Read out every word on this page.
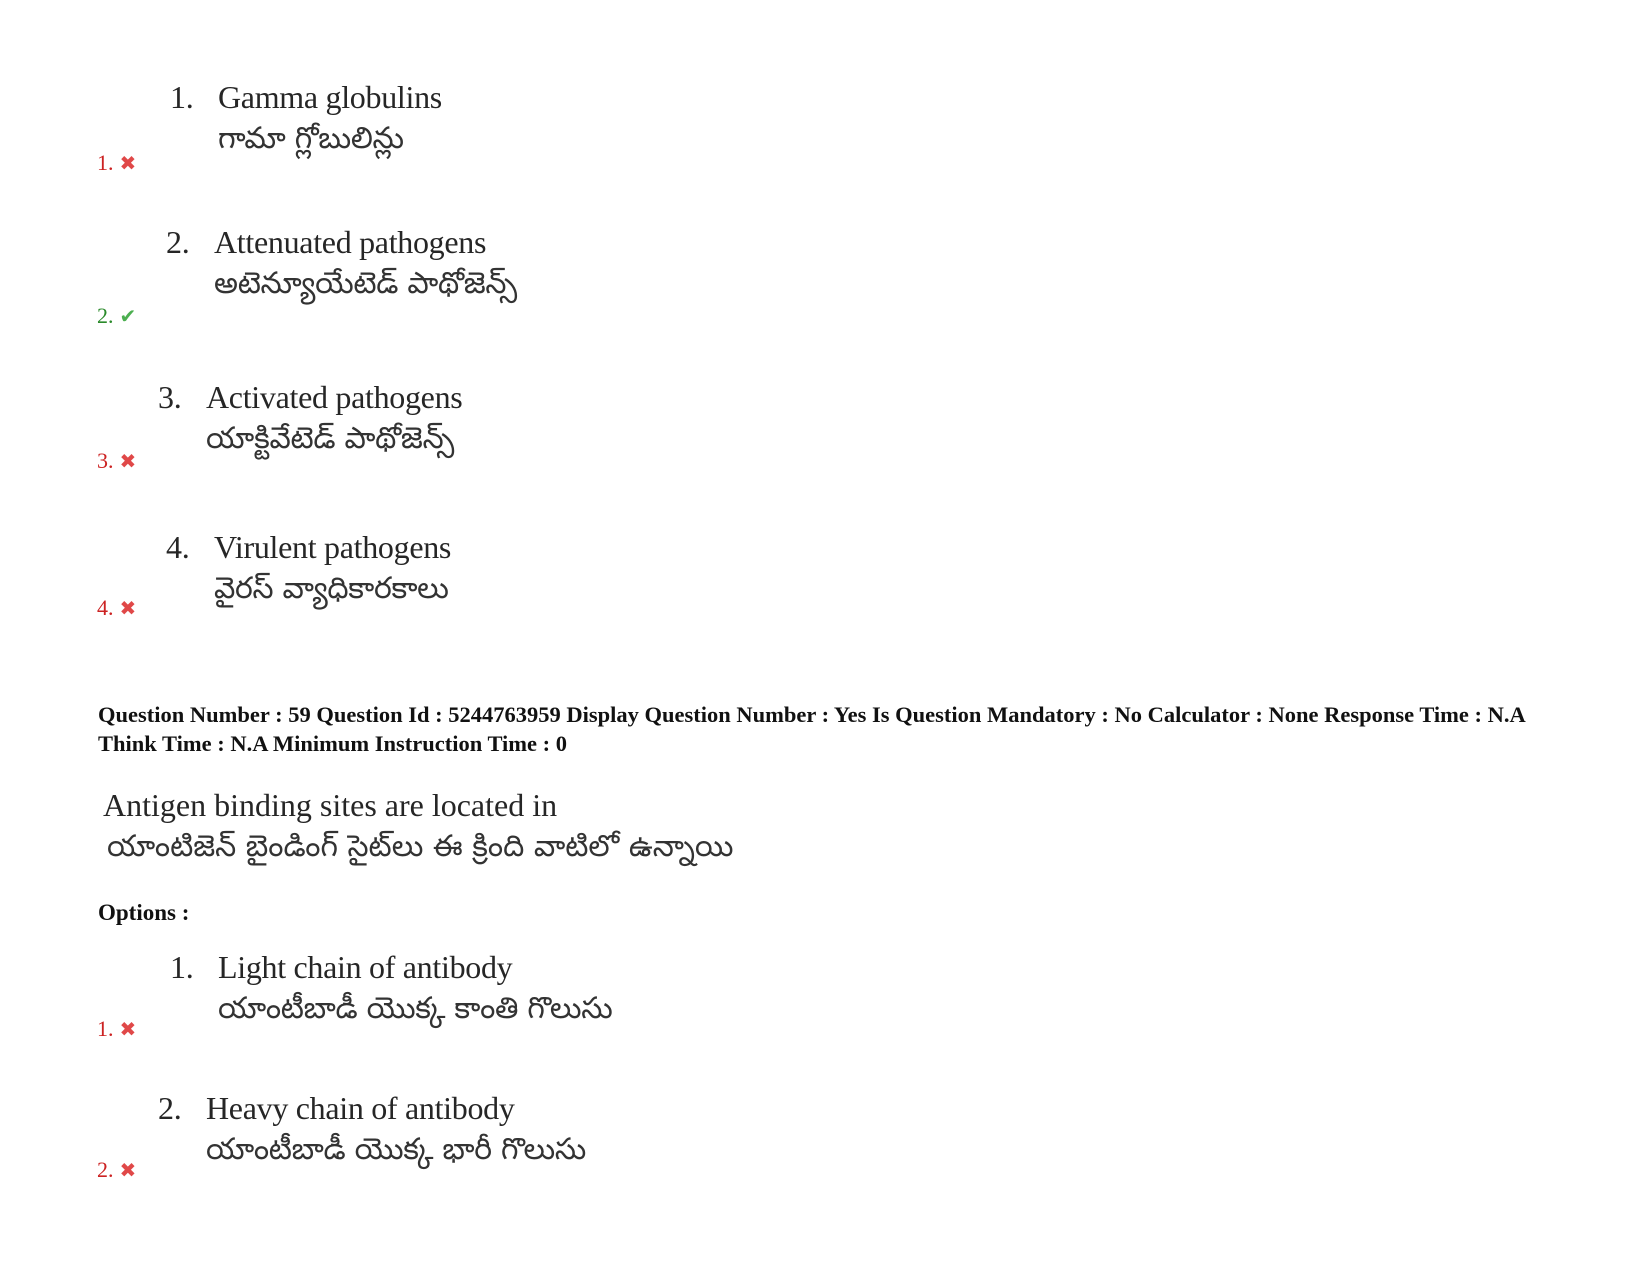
1. Gamma globulins
గామా గ్లోబులిన్లు
1. ✖
2. Attenuated pathogens
అటెన్యూయేటెడ్ పాథోజెన్స్
2. ✔
3. Activated pathogens
యాక్టివేటెడ్ పాథోజెన్స్
3. ✖
4. Virulent pathogens
వైరస్ వ్యాధికారకాలు
4. ✖
Question Number : 59 Question Id : 5244763959 Display Question Number : Yes Is Question Mandatory : No Calculator : None Response Time : N.A Think Time : N.A Minimum Instruction Time : 0
Antigen binding sites are located in
యాంటిజెన్ బైండింగ్ సైట్‌లు ఈ క్రింది వాటిలో ఉన్నాయి
Options :
1. Light chain of antibody
యాంటీబాడీ యొక్క కాంతి గొలుసు
1. ✖
2. Heavy chain of antibody
యాంటీబాడీ యొక్క భారీ గొలుసు
2. ✖
